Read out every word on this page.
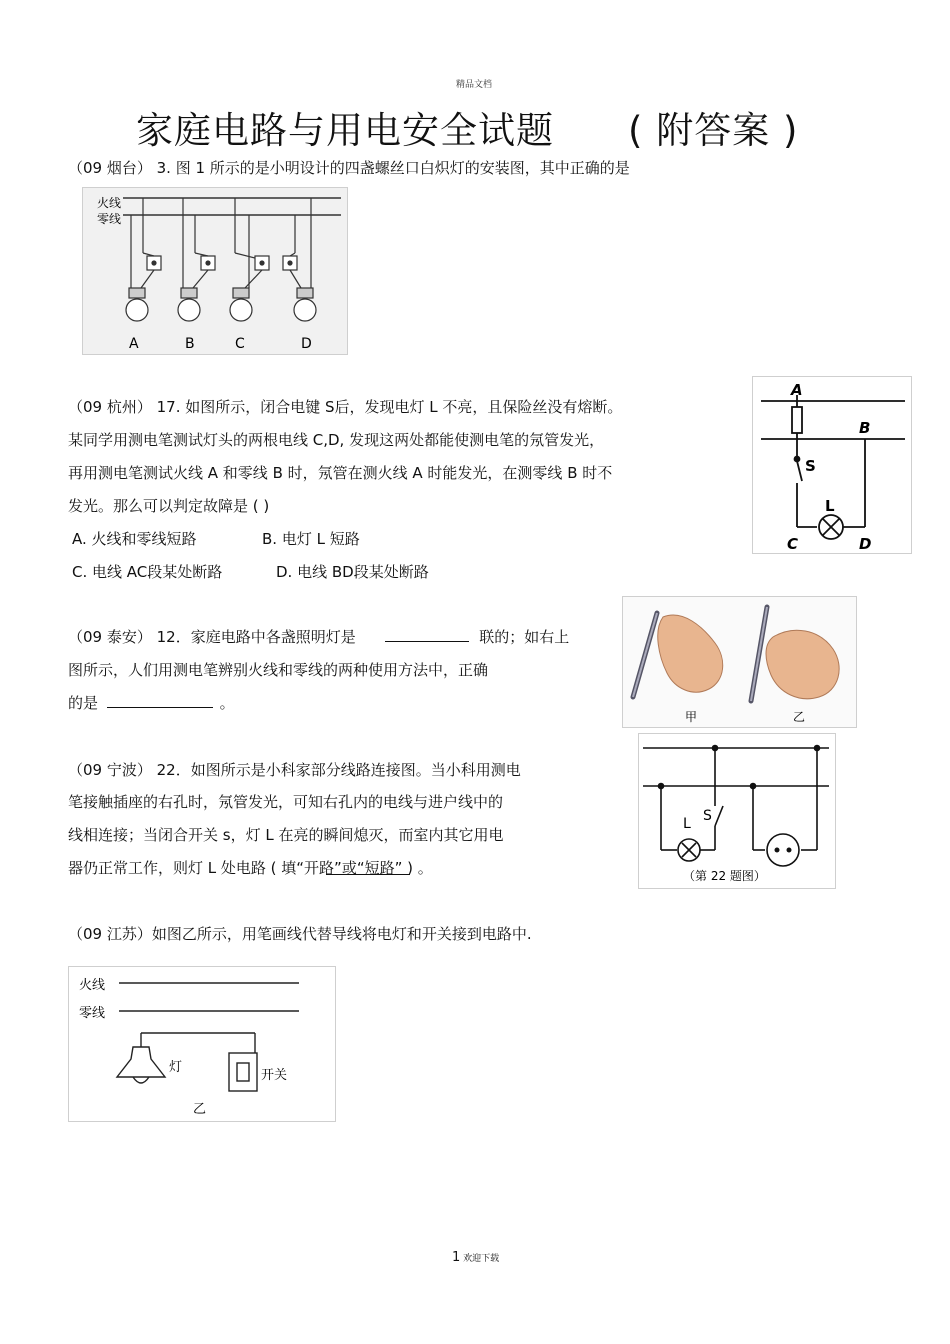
精品文档
家庭电路与用电安全试题 ( 附答案 )
（09 烟台） 3. 图 1 所示的是小明设计的四盏螺丝口白炽灯的安装图，其中正确的是
火线
零线
A	B	C	D
（09 杭州） 17. 如图所示，闭合电键 S后，发现电灯 L 不亮，且保险丝没有熔断。
某同学用测电笔测试灯头的两根电线 C,D, 发现这两处都能使测电笔的氖管发光，
再用测电笔测试火线 A 和零线 B 时，氖管在测火线 A 时能发光，在测零线 B 时不
发光。那么可以判定故障是 ( )
A. 火线和零线短路	B. 电灯 L 短路
C. 电线 AC段某处断路	D. 电线 BD段某处断路
A
B
S
L
C	D
（09 泰安） 12．家庭电路中各盏照明灯是	联的；如右上
图所示，人们用测电笔辨别火线和零线的两种使用方法中，正确
的是	。
甲	乙
（09 宁波） 22．如图所示是小科家部分线路连接图。当小科用测电
笔接触插座的右孔时，氖管发光，可知右孔内的电线与进户线中的
线相连接；当闭合开关 s，灯 L 在亮的瞬间熄灭，而室内其它用电
器仍正常工作，则灯 L 处电路 ( 填“开路”或“短路” ) 。
L S
（第 22 题图）
（09 江苏）如图乙所示，用笔画线代替导线将电灯和开关接到电路中.
火线
零线
灯
开关
乙
1 欢迎下载
